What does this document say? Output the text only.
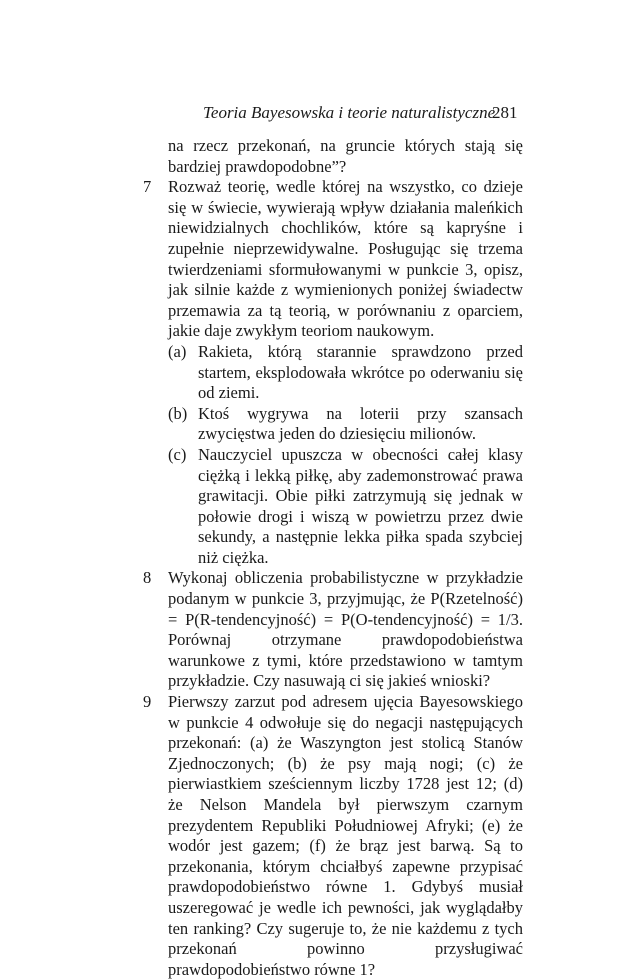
Teoria Bayesowska i teorie naturalistyczne
281

na rzecz przekonań, na gruncie których stają się bardziej prawdopodobne”?

7 Rozważ teorię, wedle której na wszystko, co dzieje się w świecie, wywierają wpływ działania maleńkich niewidzialnych chochlików, które są kapryśne i zupełnie nieprzewidywalne. Posługując się trzema twierdzeniami sformułowanymi w punkcie 3, opisz, jak silnie każde z wymienionych poniżej świadectw przemawia za tą teorią, w porównaniu z oparciem, jakie daje zwykłym teoriom naukowym.

(a) Rakieta, którą starannie sprawdzono przed startem, eksplodowała wkrótce po oderwaniu się od ziemi.
(b) Ktoś wygrywa na loterii przy szansach zwycięstwa jeden do dziesięciu milionów.
(c) Nauczyciel upuszcza w obecności całej klasy ciężką i lekką piłkę, aby zademonstrować prawa grawitacji. Obie piłki zatrzymują się jednak w połowie drogi i wiszą w powietrzu przez dwie sekundy, a następnie lekka piłka spada szybciej niż ciężka.
8 Wykonaj obliczenia probabilistyczne w przykładzie podanym w punkcie 3, przyjmując, że P(Rzetelność) = P(R-tendencyjność) = P(O-tendencyjność) = 1/3. Porównaj otrzymane prawdopodobieństwa warunkowe z tymi, które przedstawiono w tamtym przykładzie. Czy nasuwają ci się jakieś wnioski?

9 Pierwszy zarzut pod adresem ujęcia Bayesowskiego w punkcie 4 odwołuje się do negacji następujących przekonań: (a) że Waszyngton jest stolicą Stanów Zjednoczonych; (b) że psy mają nogi; (c) że pierwiastkiem sześciennym liczby 1728 jest 12; (d) że Nelson Mandela był pierwszym czarnym prezydentem Republiki Południowej Afryki; (e) że wodór jest gazem; (f) że brąz jest barwą. Są to przekonania, którym chciałbyś zapewne przypisać prawdopodobieństwo równe 1. Gdybyś musiał uszeregować je wedle ich pewności, jak wyglądałby ten ranking? Czy sugeruje to, że nie każdemu z tych przekonań powinno przysługiwać prawdopodobieństwo równe 1?
